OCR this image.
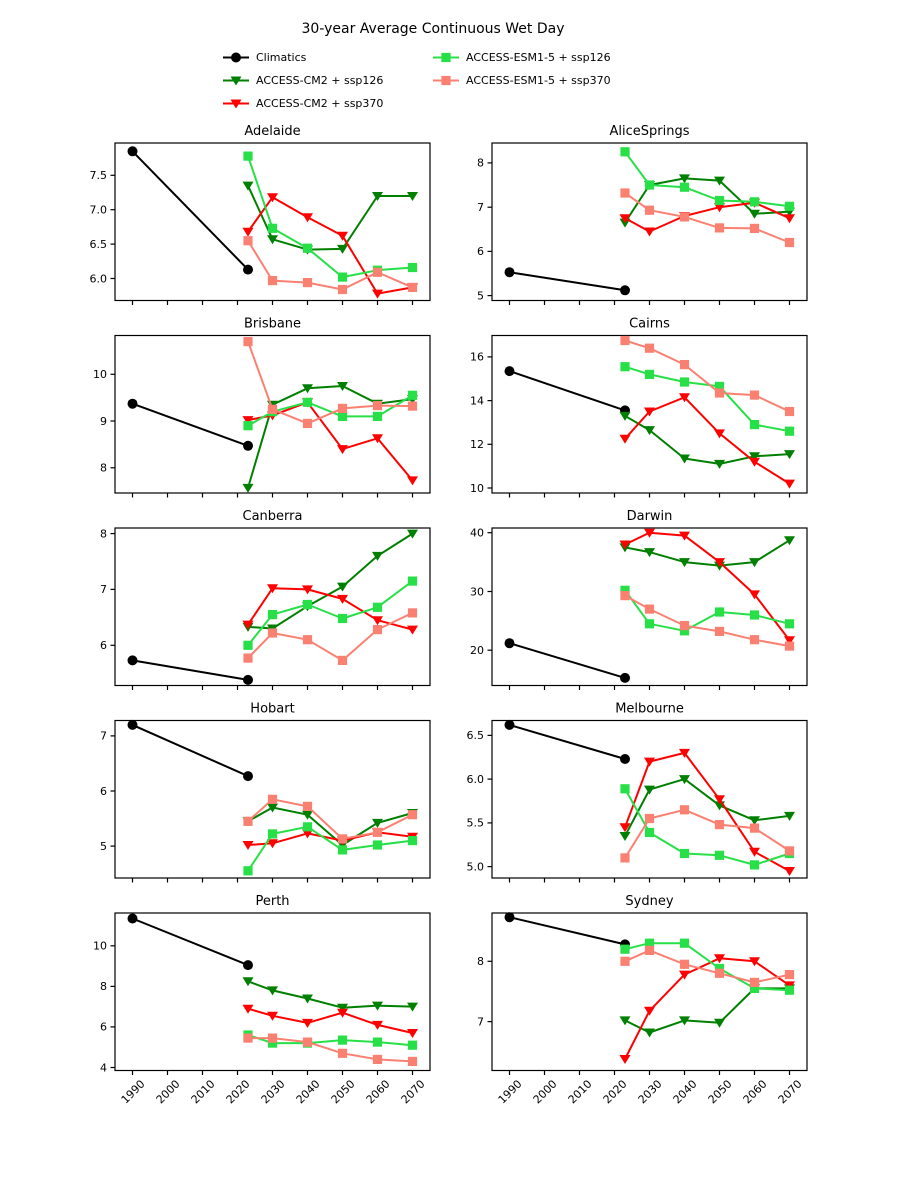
30-year Average Continuous Wet Day
Climatics
ACCESS-CM2 + ssp126
ACCESS-CM2 + ssp370
ACCESS-ESM1-5 + ssp126
ACCESS-ESM1-5 + ssp370
Adelaide
6.0
6.5
7.0
7.5
AliceSprings
5
6
7
8
Brisbane
8
9
10
Cairns
10
12
14
16
Canberra
6
7
8
Darwin
20
30
40
Hobart
5
6
7
Melbourne
5.0
5.5
6.0
6.5
Perth
4
6
8
10
1990 2000 2010 2020 2030 2040 2050 2060 2070
Sydney
7
8
1990 2000 2010 2020 2030 2040 2050 2060 2070
